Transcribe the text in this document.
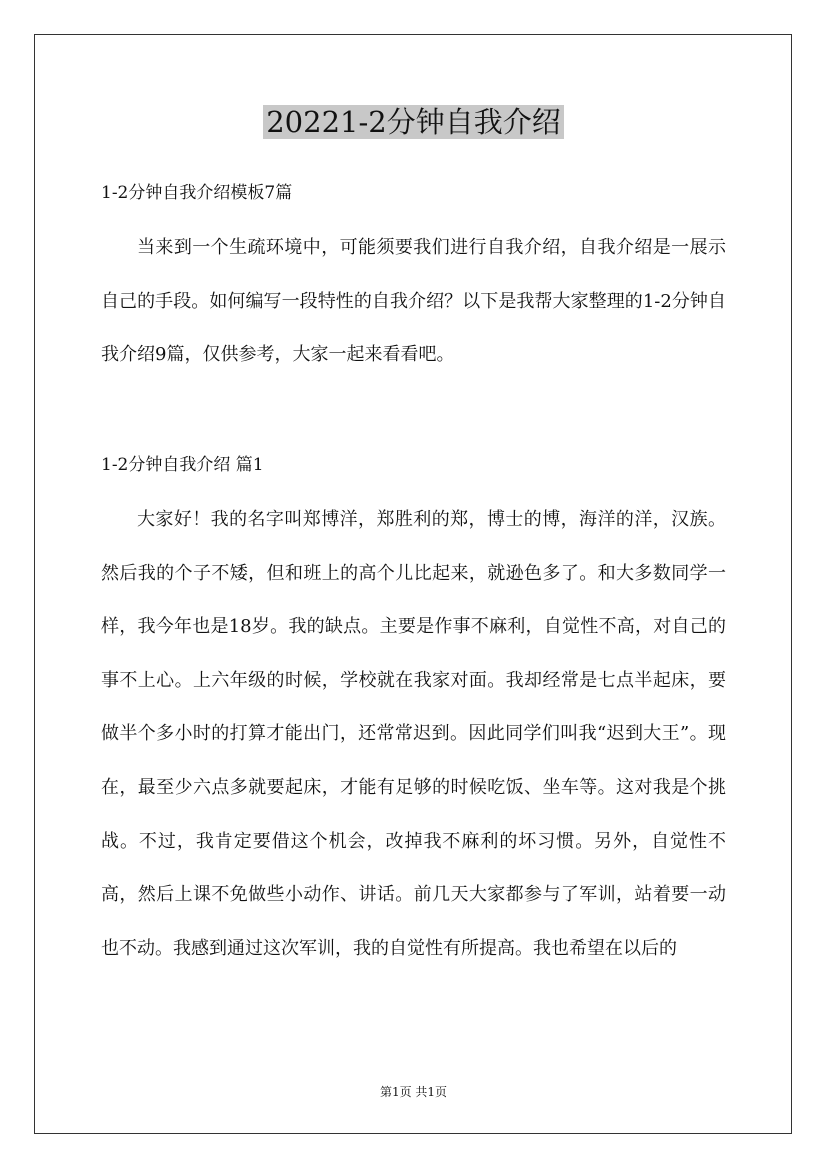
20221-2分钟自我介绍
1-2分钟自我介绍模板7篇

当来到一个生疏环境中，可能须要我们进行自我介绍，自我介绍是一展示自己的手段。如何编写一段特性的自我介绍？以下是我帮大家整理的1-2分钟自我介绍9篇，仅供参考，大家一起来看看吧。

1-2分钟自我介绍 篇1

大家好！我的名字叫郑博洋，郑胜利的郑，博士的博，海洋的洋，汉族。然后我的个子不矮，但和班上的高个儿比起来，就逊色多了。和大多数同学一样，我今年也是18岁。我的缺点。主要是作事不麻利，自觉性不高，对自己的事不上心。上六年级的时候，学校就在我家对面。我却经常是七点半起床，要做半个多小时的打算才能出门，还常常迟到。因此同学们叫我“迟到大王”。现在，最至少六点多就要起床，才能有足够的时候吃饭、坐车等。这对我是个挑战。不过，我肯定要借这个机会，改掉我不麻利的坏习惯。另外，自觉性不高，然后上课不免做些小动作、讲话。前几天大家都参与了军训，站着要一动也不动。我感到通过这次军训，我的自觉性有所提高。我也希望在以后的

第1页 共1页
